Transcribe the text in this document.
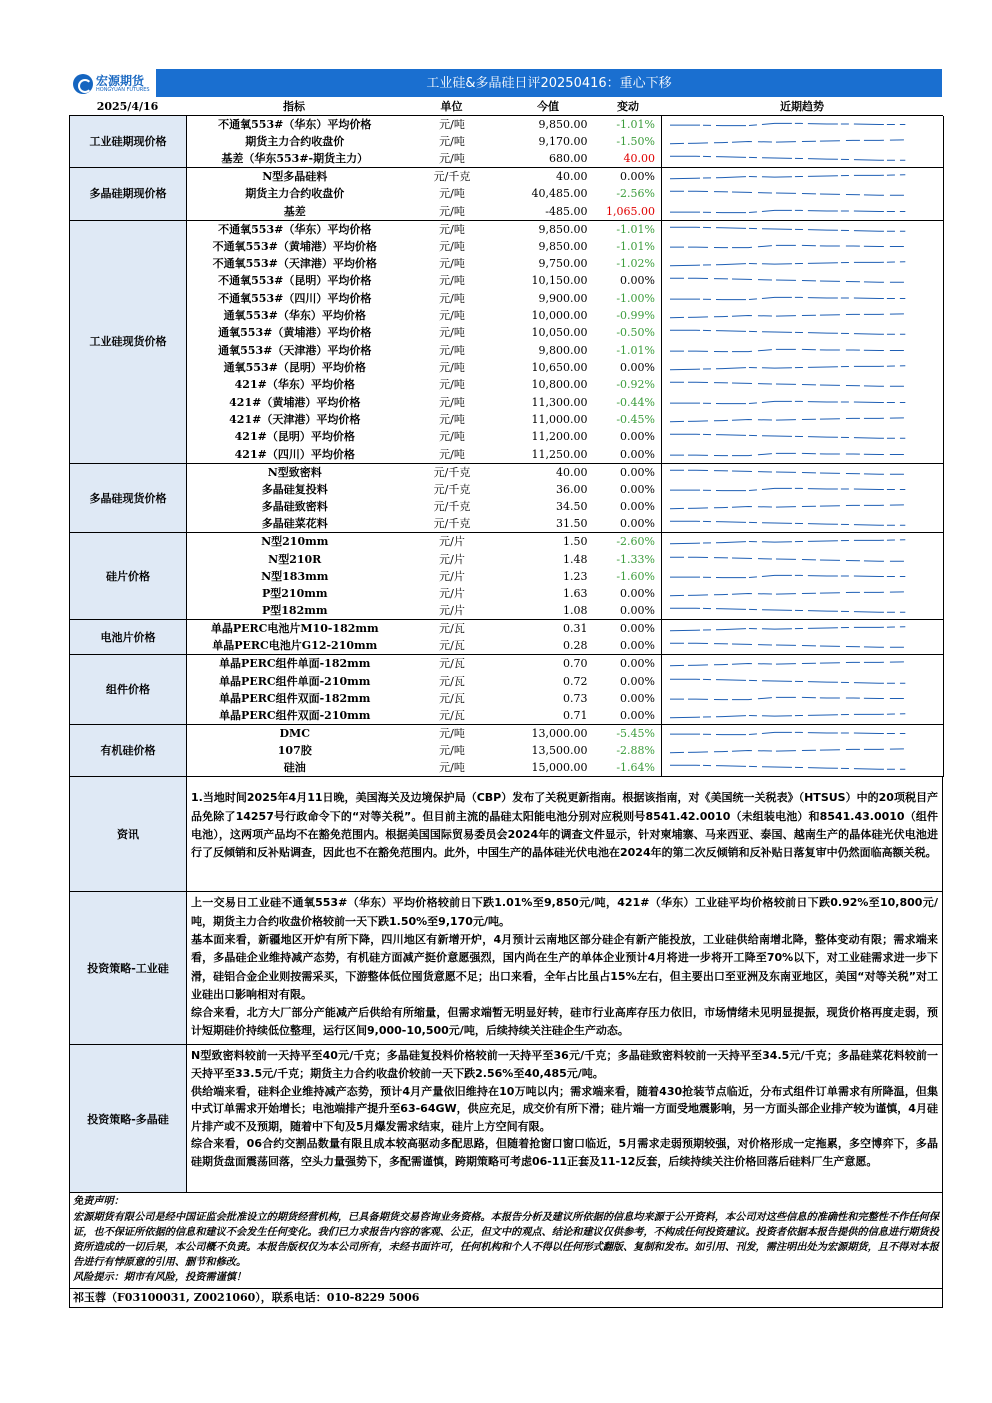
宏源期货
HONGYUAN FUTURES	工业硅&多晶硅日评20250416：重心下移
2025/4/16	指标	单位	今值	变动	近期趋势
工业硅期现价格	不通氧553#（华东）平均价格	元/吨	9,850.00	-1.01%	

	期货主力合约收盘价	元/吨	9,170.00	-1.50%	

	基差（华东553#-期货主力）	元/吨	680.00	40.00	

多晶硅期现价格	N型多晶硅料	元/千克	40.00	0.00%	

	期货主力合约收盘价	元/吨	40,485.00	-2.56%	

	基差	元/吨	-485.00	1,065.00	

工业硅现货价格	不通氧553#（华东）平均价格	元/吨	9,850.00	-1.01%	

	不通氧553#（黄埔港）平均价格	元/吨	9,850.00	-1.01%	

	不通氧553#（天津港）平均价格	元/吨	9,750.00	-1.02%	

	不通氧553#（昆明）平均价格	元/吨	10,150.00	0.00%	

	不通氧553#（四川）平均价格	元/吨	9,900.00	-1.00%	

	通氧553#（华东）平均价格	元/吨	10,000.00	-0.99%	

	通氧553#（黄埔港）平均价格	元/吨	10,050.00	-0.50%	

	通氧553#（天津港）平均价格	元/吨	9,800.00	-1.01%	

	通氧553#（昆明）平均价格	元/吨	10,650.00	0.00%	

	421#（华东）平均价格	元/吨	10,800.00	-0.92%	

	421#（黄埔港）平均价格	元/吨	11,300.00	-0.44%	

	421#（天津港）平均价格	元/吨	11,000.00	-0.45%	

	421#（昆明）平均价格	元/吨	11,200.00	0.00%	

	421#（四川）平均价格	元/吨	11,250.00	0.00%	

多晶硅现货价格	N型致密料	元/千克	40.00	0.00%	

	多晶硅复投料	元/千克	36.00	0.00%	

	多晶硅致密料	元/千克	34.50	0.00%	

	多晶硅菜花料	元/千克	31.50	0.00%	

硅片价格	N型210mm	元/片	1.50	-2.60%	

	N型210R	元/片	1.48	-1.33%	

	N型183mm	元/片	1.23	-1.60%	

	P型210mm	元/片	1.63	0.00%	

	P型182mm	元/片	1.08	0.00%	

电池片价格	单晶PERC电池片M10-182mm	元/瓦	0.31	0.00%	

	单晶PERC电池片G12-210mm	元/瓦	0.28	0.00%	

组件价格	单晶PERC组件单面-182mm	元/瓦	0.70	0.00%	

	单晶PERC组件单面-210mm	元/瓦	0.72	0.00%	

	单晶PERC组件双面-182mm	元/瓦	0.73	0.00%	

	单晶PERC组件双面-210mm	元/瓦	0.71	0.00%	

有机硅价格	DMC	元/吨	13,000.00	-5.45%	

	107胶	元/吨	13,500.00	-2.88%	

	硅油	元/吨	15,000.00	-1.64%	
资讯
1.当地时间2025年4月11日晚，美国海关及边境保护局（CBP）发布了关税更新指南。根据该指南，对《美国统一关税表》（HTSUS）中的20项税目产品免除了14257号行政命令下的“对等关税”。但目前主流的晶硅太阳能电池分别对应税则号8541.42.0010（未组装电池）和8541.43.0010（组件电池），这两项产品均不在豁免范围内。根据美国国际贸易委员会2024年的调查文件显示，针对柬埔寨、马来西亚、泰国、越南生产的晶体硅光伏电池进行了反倾销和反补贴调查，因此也不在豁免范围内。此外，中国生产的晶体硅光伏电池在2024年的第二次反倾销和反补贴日落复审中仍然面临高额关税。
投资策略-工业硅

上一交易日工业硅不通氧553#（华东）平均价格较前日下跌1.01%至9,850元/吨，421#（华东）工业硅平均价格较前日下跌0.92%至10,800元/吨，期货主力合约收盘价格较前一天下跌1.50%至9,170元/吨。

基本面来看，新疆地区开炉有所下降，四川地区有新增开炉，4月预计云南地区部分硅企有新产能投放，工业硅供给南增北降，整体变动有限；需求端来看，多晶硅企业维持减产态势，有机硅方面减产挺价意愿强烈，国内尚在生产的单体企业预计4月将进一步将开工降至70%以下，对工业硅需求进一步下滑，硅铝合金企业则按需采买，下游整体低位囤货意愿不足；出口来看，全年占比虽占15%左右，但主要出口至亚洲及东南亚地区，美国“对等关税”对工业硅出口影响相对有限。

综合来看，北方大厂部分产能减产后供给有所缩量，但需求端暂无明显好转，硅市行业高库存压力依旧，市场情绪未见明显提振，现货价格再度走弱，预计短期硅价持续低位整理，运行区间9,000-10,500元/吨，后续持续关注硅企生产动态。

投资策略-多晶硅

N型致密料较前一天持平至40元/千克；多晶硅复投料价格较前一天持平至36元/千克；多晶硅致密料较前一天持平至34.5元/千克；多晶硅菜花料较前一天持平至33.5元/千克；期货主力合约收盘价较前一天下跌2.56%至40,485元/吨。

供给端来看，硅料企业维持减产态势，预计4月产量依旧维持在10万吨以内；需求端来看，随着430抢装节点临近，分布式组件订单需求有所降温，但集中式订单需求开始增长；电池端排产提升至63-64GW，供应充足，成交价有所下滑；硅片端一方面受地震影响，另一方面头部企业排产较为谨慎，4月硅片排产或不及预期，随着中下旬及5月爆发需求结束，硅片上方空间有限。

综合来看，06合约交割品数量有限且成本较高驱动多配思路，但随着抢窗口窗口临近，5月需求走弱预期较强，对价格形成一定拖累，多空博弈下，多晶硅期货盘面震荡回落，空头力量强势下，多配需谨慎，跨期策略可考虑06-11正套及11-12反套，后续持续关注价格回落后硅料厂生产意愿。

免责声明：
宏源期货有限公司是经中国证监会批准设立的期货经营机构，已具备期货交易咨询业务资格。本报告分析及建议所依据的信息均来源于公开资料，本公司对这些信息的准确性和完整性不作任何保证，也不保证所依据的信息和建议不会发生任何变化。我们已力求报告内容的客观、公正，但文中的观点、结论和建议仅供参考，不构成任何投资建议。投资者依据本报告提供的信息进行期货投资所造成的一切后果，本公司概不负责。本报告版权仅为本公司所有，未经书面许可，任何机构和个人不得以任何形式翻版、复制和发布。如引用、刊发，需注明出处为宏源期货，且不得对本报告进行有悖原意的引用、删节和修改。
风险提示：期市有风险，投资需谨慎！
祁玉蓉（F03100031, Z0021060），联系电话：010-8229 5006
